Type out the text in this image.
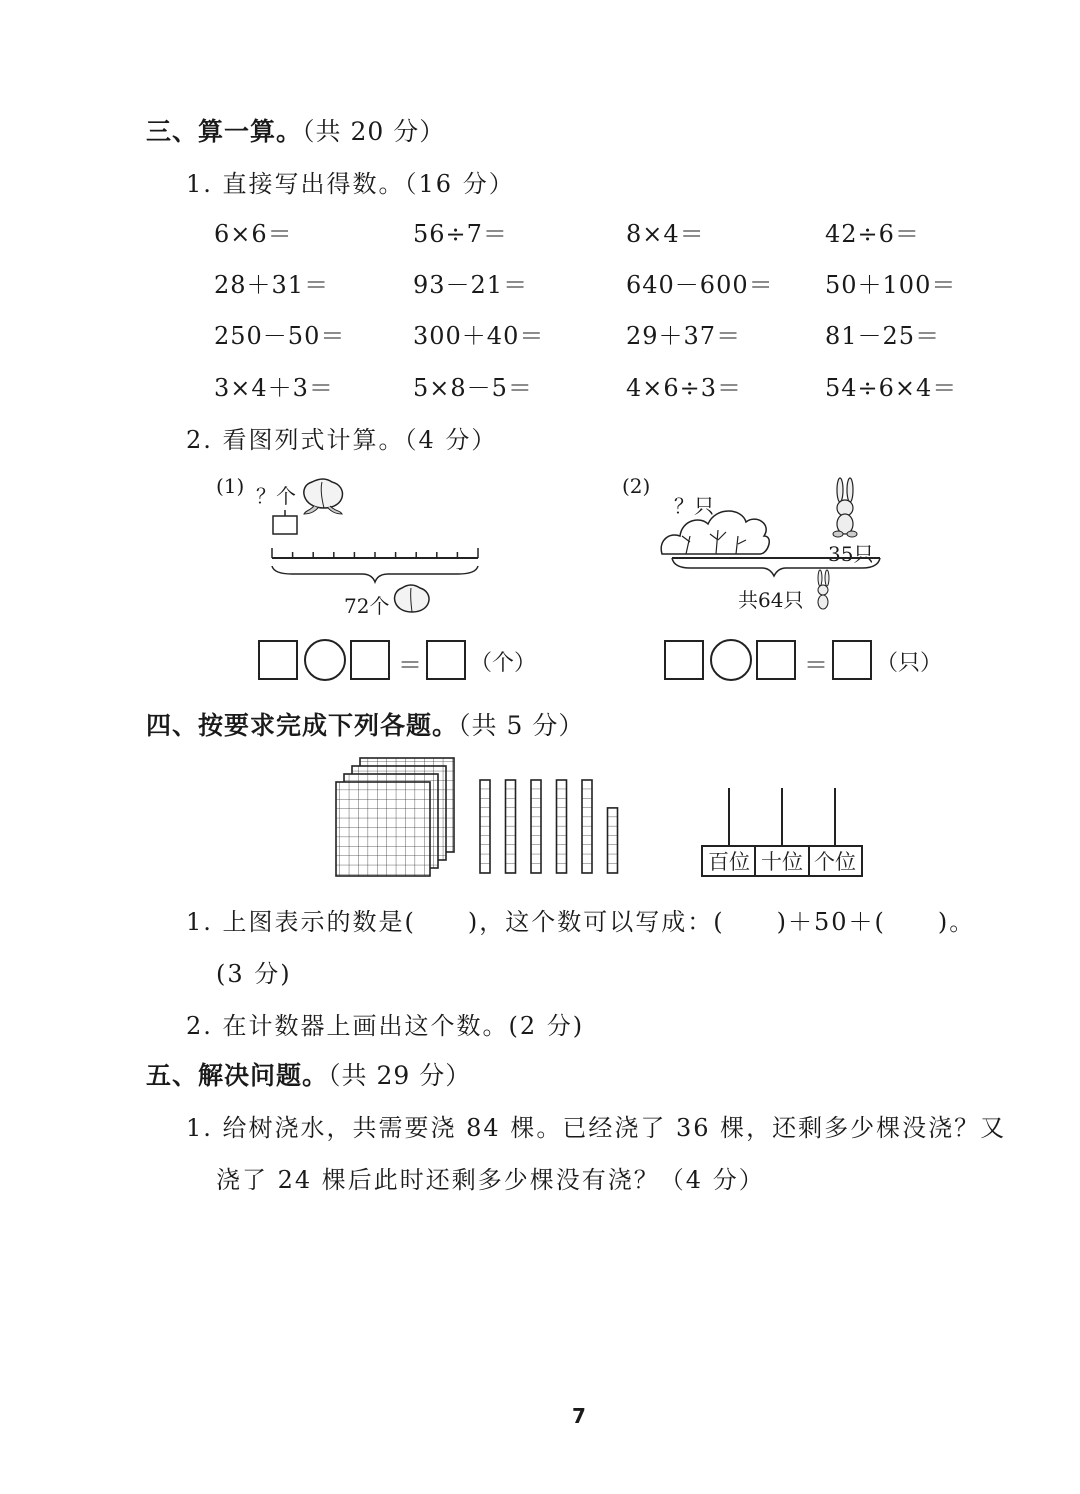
三、算一算。（共 20 分）
1. 直接写出得数。（16 分）
6×6＝	56÷7＝	8×4＝	42÷6＝
28＋31＝	93－21＝	640－600＝ 50＋100＝
250－50＝	300＋40＝	29＋37＝	81－25＝
3×4＋3＝	5×8－5＝	4×6÷3＝	54÷6×4＝
2. 看图列式计算。（4 分）
(1) ？个
72个
＝ （个）
(2)
？只
35只
共64只
＝ （只）
四、按要求完成下列各题。（共 5 分）
百位 十位 个位
1. 上图表示的数是(　　)，这个数可以写成：(　　)＋50＋(　　)。
(3 分)
2. 在计数器上画出这个数。(2 分)
五、解决问题。（共 29 分）
1. 给树浇水，共需要浇 84 棵。已经浇了 36 棵，还剩多少棵没浇？又
浇了 24 棵后此时还剩多少棵没有浇？（4 分）
7
